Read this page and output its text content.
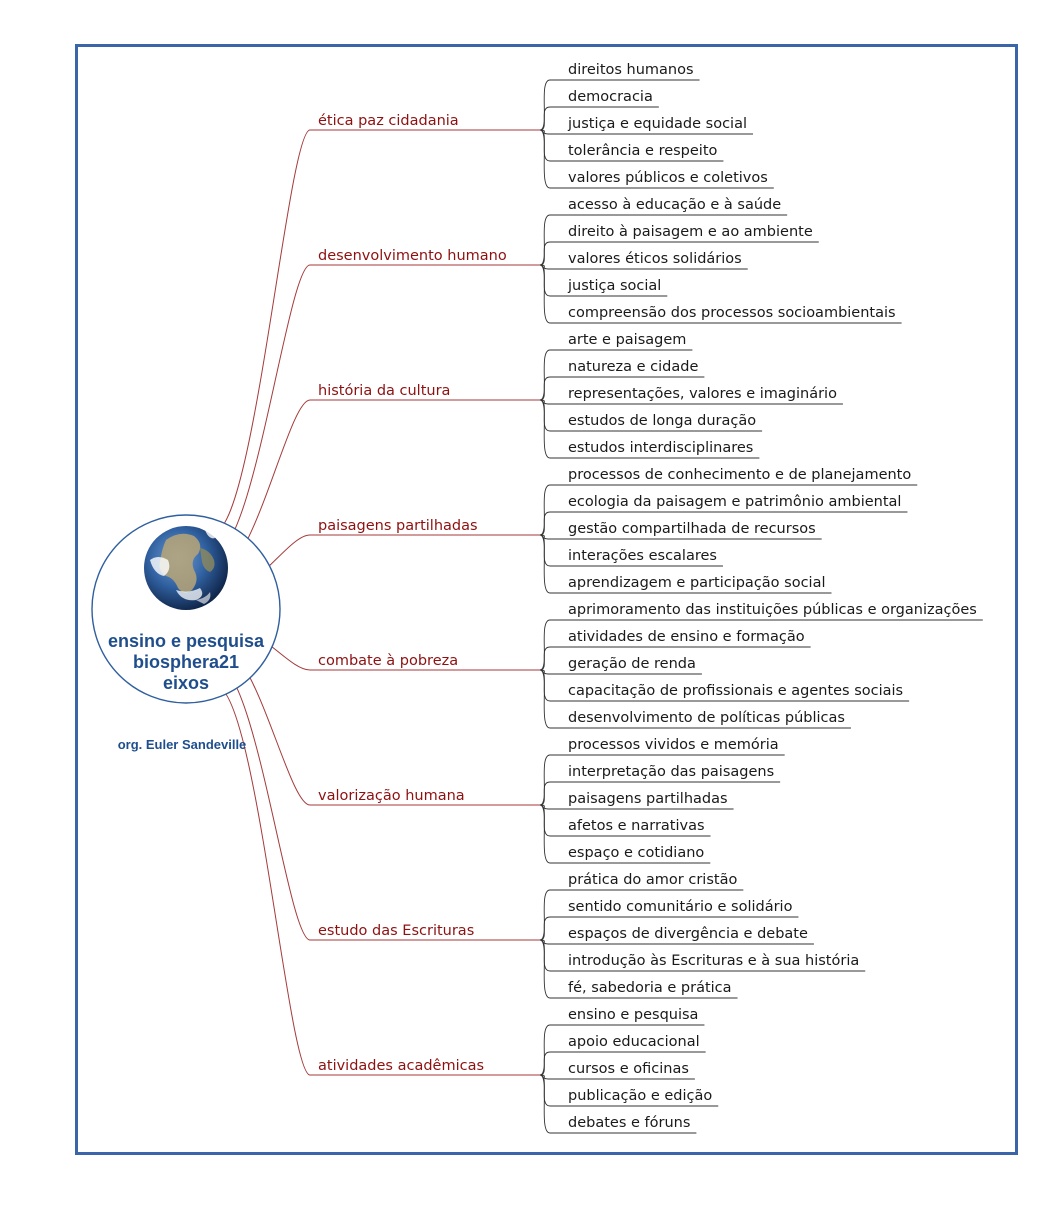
ensino e pesquisa
biosphera21
eixos
org. Euler Sandeville
ética paz cidadania
direitos humanos
democracia
justiça e equidade social
tolerância e respeito
valores públicos e coletivos
desenvolvimento humano
acesso à educação e à saúde
direito à paisagem e ao ambiente
valores éticos solidários
justiça social
compreensão dos processos socioambientais
história da cultura
arte e paisagem
natureza e cidade
representações, valores e imaginário
estudos de longa duração
estudos interdisciplinares
paisagens partilhadas
processos de conhecimento e de planejamento
ecologia da paisagem e patrimônio ambiental
gestão compartilhada de recursos
interações escalares
aprendizagem e participação social
combate à pobreza
aprimoramento das instituições públicas e organizações
atividades de ensino e formação
geração de renda
capacitação de profissionais e agentes sociais
desenvolvimento de políticas públicas
valorização humana
processos vividos e memória
interpretação das paisagens
paisagens partilhadas
afetos e narrativas
espaço e cotidiano
estudo das Escrituras
prática do amor cristão
sentido comunitário e solidário
espaços de divergência e debate
introdução às Escrituras e à sua história
fé, sabedoria e prática
atividades acadêmicas
ensino e pesquisa
apoio educacional
cursos e oficinas
publicação e edição
debates e fóruns
